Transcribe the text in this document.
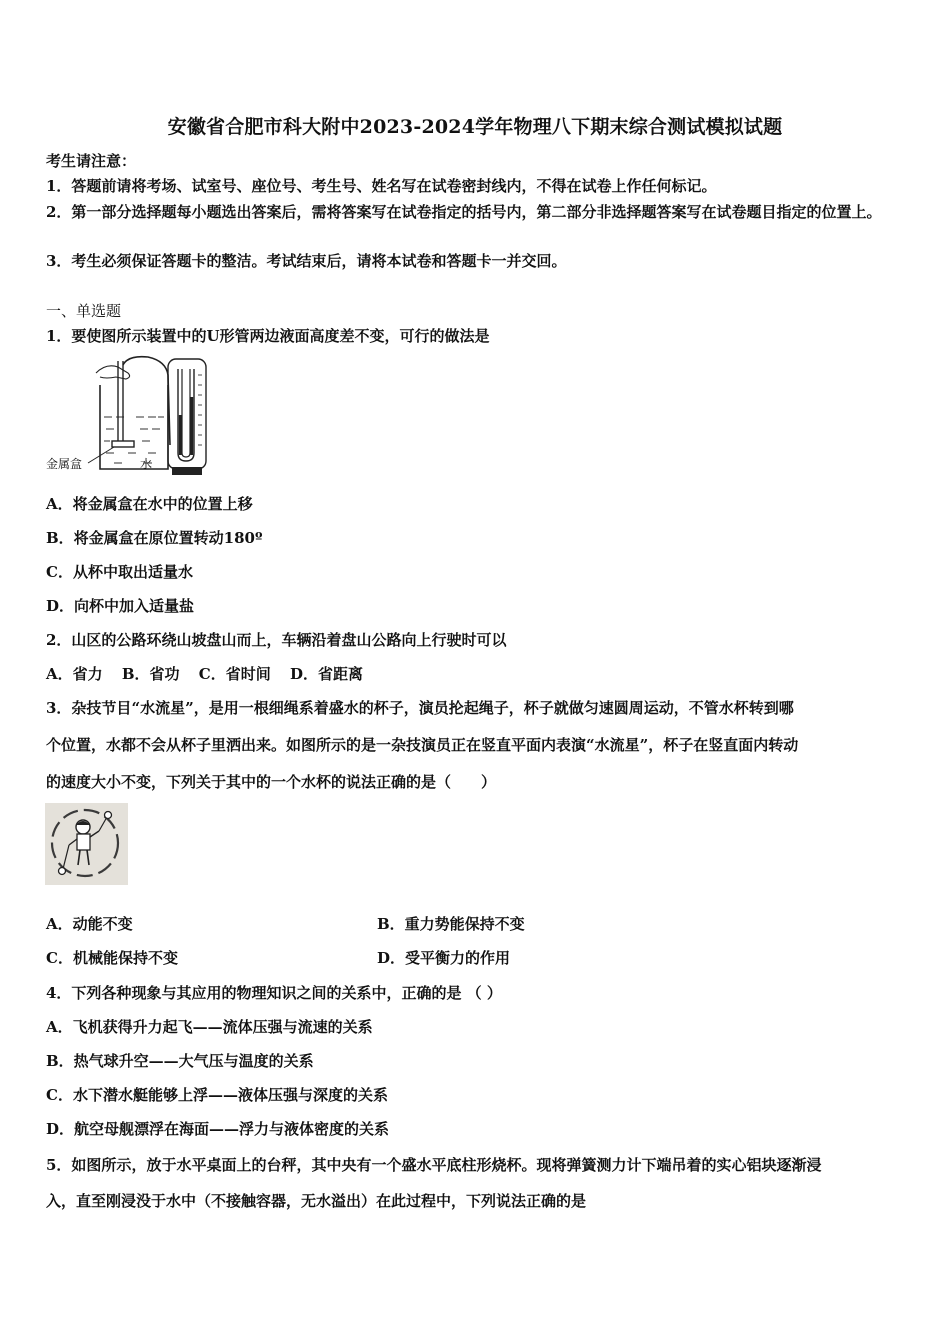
安徽省合肥市科大附中2023-2024学年物理八下期末综合测试模拟试题
考生请注意：
1．答题前请将考场、试室号、座位号、考生号、姓名写在试卷密封线内，不得在试卷上作任何标记。
2．第一部分选择题每小题选出答案后，需将答案写在试卷指定的括号内，第二部分非选择题答案写在试卷题目指定的位置上。
3．考生必须保证答题卡的整洁。考试结束后，请将本试卷和答题卡一并交回。
一、单选题
1．要使图所示装置中的U形管两边液面高度差不变，可行的做法是
金属盒	水
A．将金属盒在水中的位置上移
B．将金属盒在原位置转动180º
C．从杯中取出适量水
D．向杯中加入适量盐
2．山区的公路环绕山坡盘山而上，车辆沿着盘山公路向上行驶时可以
A．省力 B．省功 C．省时间 D．省距离
3．杂技节目“水流星”，是用一根细绳系着盛水的杯子，演员抡起绳子，杯子就做匀速圆周运动，不管水杯转到哪
个位置，水都不会从杯子里洒出来。如图所示的是一杂技演员正在竖直平面内表演“水流星”，杯子在竖直面内转动
的速度大小不变，下列关于其中的一个水杯的说法正确的是（　　）
A．动能不变	B．重力势能保持不变
C．机械能保持不变	D．受平衡力的作用
4．下列各种现象与其应用的物理知识之间的关系中，正确的是 （ ）
A．飞机获得升力起飞——流体压强与流速的关系
B．热气球升空——大气压与温度的关系
C．水下潜水艇能够上浮——液体压强与深度的关系
D．航空母舰漂浮在海面——浮力与液体密度的关系
5．如图所示，放于水平桌面上的台秤，其中央有一个盛水平底柱形烧杯。现将弹簧测力计下端吊着的实心铝块逐渐浸
入，直至刚浸没于水中（不接触容器，无水溢出）在此过程中，下列说法正确的是
